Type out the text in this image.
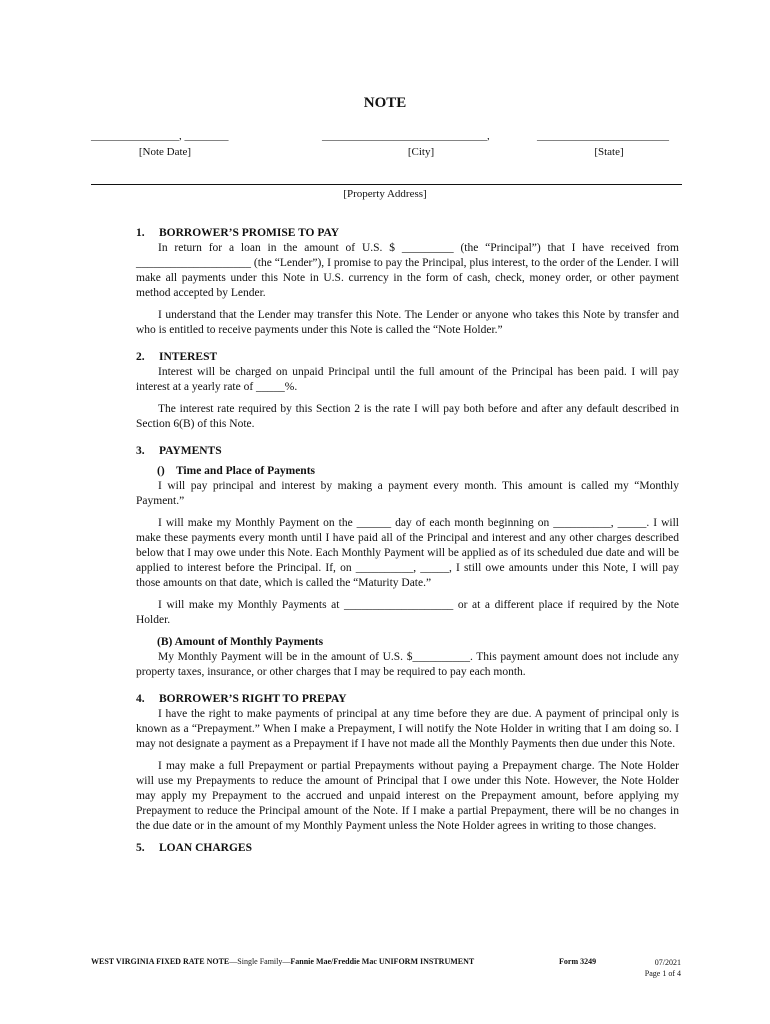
NOTE
________________, ________	______________________________,	________________________
[Note Date]	[City]	[State]
[Property Address]
1. BORROWER’S PROMISE TO PAY

In return for a loan in the amount of U.S. $ _________ (the “Principal”) that I have received from ____________________ (the “Lender”), I promise to pay the Principal, plus interest, to the order of the Lender. I will make all payments under this Note in U.S. currency in the form of cash, check, money order, or other payment method accepted by Lender.

I understand that the Lender may transfer this Note. The Lender or anyone who takes this Note by transfer and who is entitled to receive payments under this Note is called the “Note Holder.”

2. INTEREST

Interest will be charged on unpaid Principal until the full amount of the Principal has been paid. I will pay interest at a yearly rate of _____%.

The interest rate required by this Section 2 is the rate I will pay both before and after any default described in Section 6(B) of this Note.

3. PAYMENTS
()    Time and Place of Payments

I will pay principal and interest by making a payment every month. This amount is called my “Monthly Payment.”

I will make my Monthly Payment on the ______ day of each month beginning on __________, _____. I will make these payments every month until I have paid all of the Principal and interest and any other charges described below that I may owe under this Note. Each Monthly Payment will be applied as of its scheduled due date and will be applied to interest before the Principal. If, on __________, _____, I still owe amounts under this Note, I will pay those amounts on that date, which is called the “Maturity Date.”

I will make my Monthly Payments at ___________________ or at a different place if required by the Note Holder.

(B) Amount of Monthly Payments

My Monthly Payment will be in the amount of U.S. $__________. This payment amount does not include any property taxes, insurance, or other charges that I may be required to pay each month.

4. BORROWER’S RIGHT TO PREPAY

I have the right to make payments of principal at any time before they are due. A payment of principal only is known as a “Prepayment.” When I make a Prepayment, I will notify the Note Holder in writing that I am doing so. I may not designate a payment as a Prepayment if I have not made all the Monthly Payments then due under this Note.

I may make a full Prepayment or partial Prepayments without paying a Prepayment charge. The Note Holder will use my Prepayments to reduce the amount of Principal that I owe under this Note. However, the Note Holder may apply my Prepayment to the accrued and unpaid interest on the Prepayment amount, before applying my Prepayment to reduce the Principal amount of the Note. If I make a partial Prepayment, there will be no changes in the due date or in the amount of my Monthly Payment unless the Note Holder agrees in writing to those changes.

5. LOAN CHARGES
WEST VIRGINIA FIXED RATE NOTE—Single Family—Fannie Mae/Freddie Mac UNIFORM INSTRUMENT	Form 3249	07/2021
Page 1 of 4
